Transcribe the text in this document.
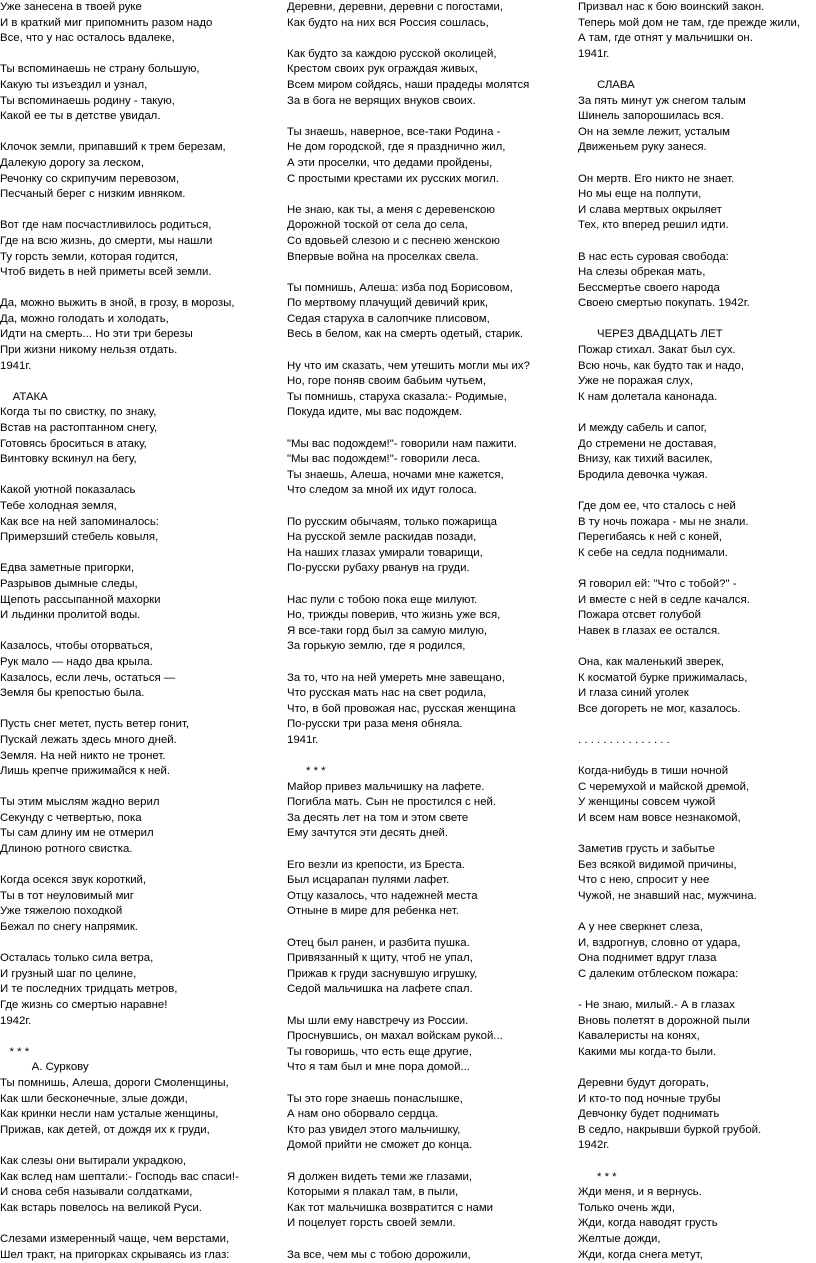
Уже занесена в твоей руке
И в краткий миг припомнить разом надо
Все, что у нас осталось вдалеке,
Ты вспоминаешь не страну большую,
Какую ты изъездил и узнал,
Ты вспоминаешь родину - такую,
Какой ее ты в детстве увидал.
Клочок земли, припавший к трем березам,
Далекую дорогу за леском,
Речонку со скрипучим перевозом,
Песчаный берег с низким ивняком.
Вот где нам посчастливилось родиться,
Где на всю жизнь, до смерти, мы нашли
Ту горсть земли, которая годится,
Чтоб видеть в ней приметы всей земли.
Да, можно выжить в зной, в грозу, в морозы,
Да, можно голодать и холодать,
Идти на смерть... Но эти три березы
При жизни никому нельзя отдать.
1941г.
АТАКА
Когда ты по свистку, по знаку,
Встав на растоптанном снегу,
Готовясь броситься в атаку,
Винтовку вскинул на бегу,
Какой уютной показалась
Тебе холодная земля,
Как все на ней запоминалось:
Примерзший стебель ковыля,
Едва заметные пригорки,
Разрывов дымные следы,
Щепоть рассыпанной махорки
И льдинки пролитой воды.
Казалось, чтобы оторваться,
Рук мало — надо два крыла.
Казалось, если лечь, остаться —
Земля бы крепостью была.
Пусть снег метет, пусть ветер гонит,
Пускай лежать здесь много дней.
Земля. На ней никто не тронет.
Лишь крепче прижимайся к ней.
Ты этим мыслям жадно верил
Секунду с четвертью, пока
Ты сам длину им не отмерил
Длиною ротного свистка.
Когда осекся звук короткий,
Ты в тот неуловимый миг
Уже тяжелою походкой
Бежал по снегу напрямик.
Осталась только сила ветра,
И грузный шаг по целине,
И те последних тридцать метров,
Где жизнь со смертью наравне!
1942г.
* * *
А. Суркову
Ты помнишь, Алеша, дороги Смоленщины,
Как шли бесконечные, злые дожди,
Как кринки несли нам усталые женщины,
Прижав, как детей, от дождя их к груди,
Как слезы они вытирали украдкою,
Как вслед нам шептали:- Господь вас спаси!-
И снова себя называли солдатками,
Как встарь повелось на великой Руси.
Слезами измеренный чаще, чем верстами,
Шел тракт, на пригорках скрываясь из глаз:
Деревни, деревни, деревни с погостами,
Как будто на них вся Россия сошлась,
Как будто за каждою русской околицей,
Крестом своих рук ограждая живых,
Всем миром сойдясь, наши прадеды молятся
За в бога не верящих внуков своих.
Ты знаешь, наверное, все-таки Родина -
Не дом городской, где я празднично жил,
А эти проселки, что дедами пройдены,
С простыми крестами их русских могил.
Не знаю, как ты, а меня с деревенскою
Дорожной тоской от села до села,
Со вдовьей слезою и с песнею женскою
Впервые война на проселках свела.
Ты помнишь, Алеша: изба под Борисовом,
По мертвому плачущий девичий крик,
Седая старуха в салопчике плисовом,
Весь в белом, как на смерть одетый, старик.
Ну что им сказать, чем утешить могли мы их?
Но, горе поняв своим бабьим чутьем,
Ты помнишь, старуха сказала:- Родимые,
Покуда идите, мы вас подождем.
"Мы вас подождем!"- говорили нам пажити.
"Мы вас подождем!"- говорили леса.
Ты знаешь, Алеша, ночами мне кажется,
Что следом за мной их идут голоса.
По русским обычаям, только пожарища
На русской земле раскидав позади,
На наших глазах умирали товарищи,
По-русски рубаху рванув на груди.
Нас пули с тобою пока еще милуют.
Но, трижды поверив, что жизнь уже вся,
Я все-таки горд был за самую милую,
За горькую землю, где я родился,
За то, что на ней умереть мне завещано,
Что русская мать нас на свет родила,
Что, в бой провожая нас, русская женщина
По-русски три раза меня обняла.
1941г.
* * *
Майор привез мальчишку на лафете.
Погибла мать. Сын не простился с ней.
За десять лет на том и этом свете
Ему зачтутся эти десять дней.
Его везли из крепости, из Бреста.
Был исцарапан пулями лафет.
Отцу казалось, что надежней места
Отныне в мире для ребенка нет.
Отец был ранен, и разбита пушка.
Привязанный к щиту, чтоб не упал,
Прижав к груди заснувшую игрушку,
Седой мальчишка на лафете спал.
Мы шли ему навстречу из России.
Проснувшись, он махал войскам рукой...
Ты говоришь, что есть еще другие,
Что я там был и мне пора домой...
Ты это горе знаешь понаслышке,
А нам оно оборвало сердца.
Кто раз увидел этого мальчишку,
Домой прийти не сможет до конца.
Я должен видеть теми же глазами,
Которыми я плакал там, в пыли,
Как тот мальчишка возвратится с нами
И поцелует горсть своей земли.
За все, чем мы с тобою дорожили,
Призвал нас к бою воинский закон.
Теперь мой дом не там, где прежде жили,
А там, где отнят у мальчишки он.
1941г.
СЛАВА
За пять минут уж снегом талым
Шинель запорошилась вся.
Он на земле лежит, усталым
Движеньем руку занеся.
Он мертв. Его никто не знает.
Но мы еще на полпути,
И слава мертвых окрыляет
Тех, кто вперед решил идти.
В нас есть суровая свобода:
На слезы обрекая мать,
Бессмертье своего народа
Своею смертью покупать. 1942г.
ЧЕРЕЗ ДВАДЦАТЬ ЛЕТ
Пожар стихал. Закат был сух.
Всю ночь, как будто так и надо,
Уже не поражая слух,
К нам долетала канонада.
И между сабель и сапог,
До стремени не доставая,
Внизу, как тихий василек,
Бродила девочка чужая.
Где дом ее, что сталось с ней
В ту ночь пожара - мы не знали.
Перегибаясь к ней с коней,
К себе на седла поднимали.
Я говорил ей: "Что с тобой?" -
И вместе с ней в седле качался.
Пожара отсвет голубой
Навек в глазах ее остался.
Она, как маленький зверек,
К косматой бурке прижималась,
И глаза синий уголек
Все догореть не мог, казалось.
. . . . . . . . . . . . . . .
Когда-нибудь в тиши ночной
С черемухой и майской дремой,
У женщины совсем чужой
И всем нам вовсе незнакомой,
Заметив грусть и забытье
Без всякой видимой причины,
Что с нею, спросит у нее
Чужой, не знавший нас, мужчина.
А у нее сверкнет слеза,
И, вздрогнув, словно от удара,
Она поднимет вдруг глаза
С далеким отблеском пожара:
- Не знаю, милый.- А в глазах
Вновь полетят в дорожной пыли
Кавалеристы на конях,
Какими мы когда-то были.
Деревни будут догорать,
И кто-то под ночные трубы
Девчонку будет поднимать
В седло, накрывши буркой грубой.
1942г.
* * *
Жди меня, и я вернусь.
Только очень жди,
Жди, когда наводят грусть
Желтые дожди,
Жди, когда снега метут,
